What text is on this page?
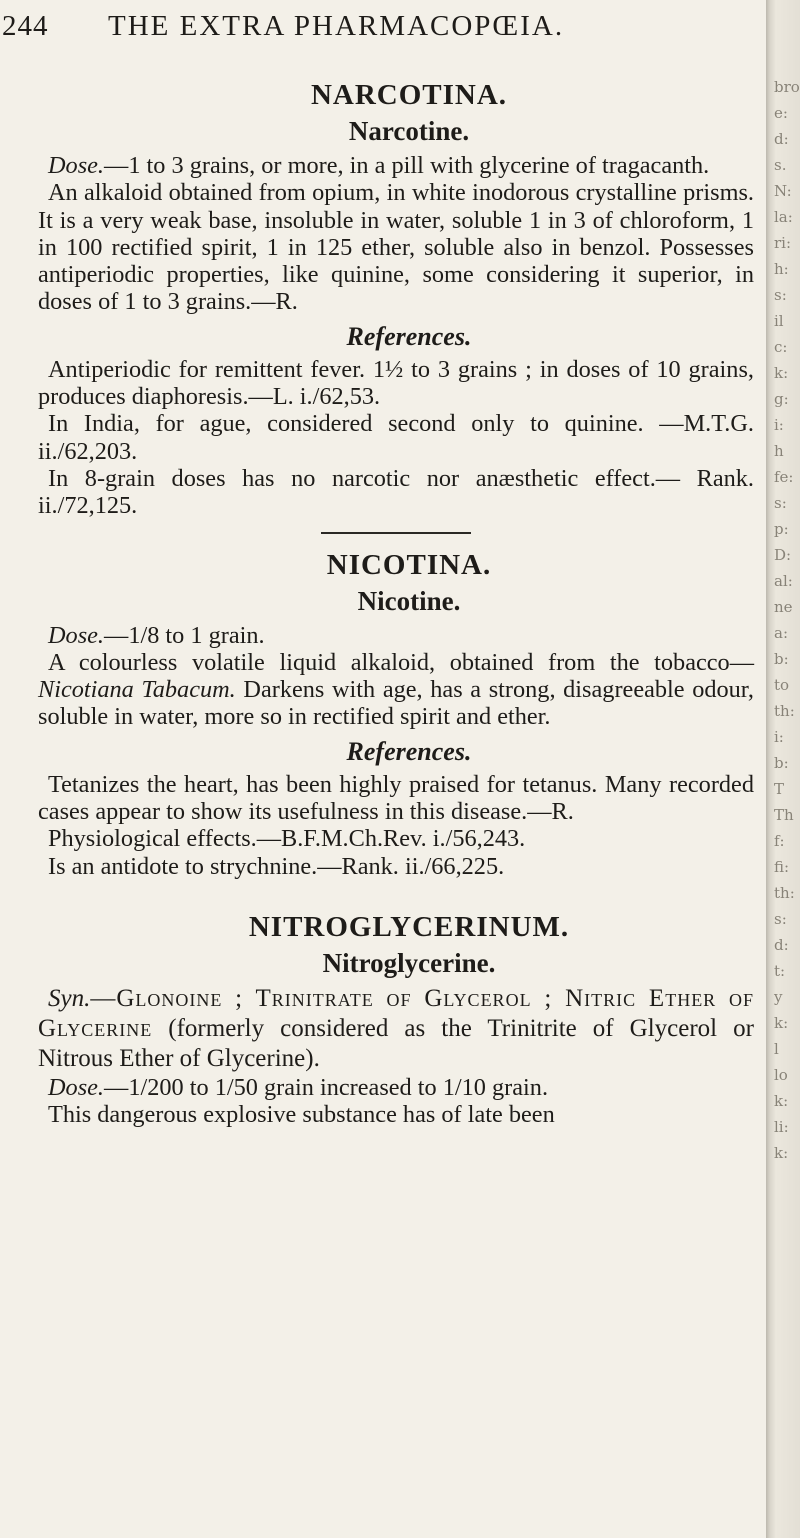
244 THE EXTRA PHARMACOPŒIA.
NARCOTINA.
Narcotine.

Dose.—1 to 3 grains, or more, in a pill with glycerine of tragacanth.

An alkaloid obtained from opium, in white inodorous crystalline prisms. It is a very weak base, insoluble in water, soluble 1 in 3 of chloroform, 1 in 100 rectified spirit, 1 in 125 ether, soluble also in benzol. Possesses antiperiodic properties, like quinine, some considering it superior, in doses of 1 to 3 grains.—R.

References.

Antiperiodic for remittent fever. 1½ to 3 grains ; in doses of 10 grains, produces diaphoresis.—L. i./62,53.

In India, for ague, considered second only to quinine. —M.T.G. ii./62,203.

In 8-grain doses has no narcotic nor anæsthetic effect.— Rank. ii./72,125.

NICOTINA.
Nicotine.

Dose.—1/8 to 1 grain.

A colourless volatile liquid alkaloid, obtained from the tobacco—Nicotiana Tabacum. Darkens with age, has a strong, disagreeable odour, soluble in water, more so in rectified spirit and ether.

References.

Tetanizes the heart, has been highly praised for tetanus. Many recorded cases appear to show its usefulness in this disease.—R.

Physiological effects.—B.F.M.Ch.Rev. i./56,243.

Is an antidote to strychnine.—Rank. ii./66,225.

NITROGLYCERINUM.
Nitroglycerine.

Syn.—Glonoine ; Trinitrate of Glycerol ; Nitric Ether of Glycerine (formerly considered as the Trinitrite of Glycerol or Nitrous Ether of Glycerine).

Dose.—1/200 to 1/50 grain increased to 1/10 grain.

This dangerous explosive substance has of late been

bro
e:
d:
s.
N:
la:
ri:
h:
s:
il
c:
k:
g:
i:
h
fe:
s:
p:
D:
al:
ne
a:
b:
to
th:
i:
b:
T
Th
f:
fi:
th:
s:
d:
t:
y
k:
l
lo
k:
li:
k:
